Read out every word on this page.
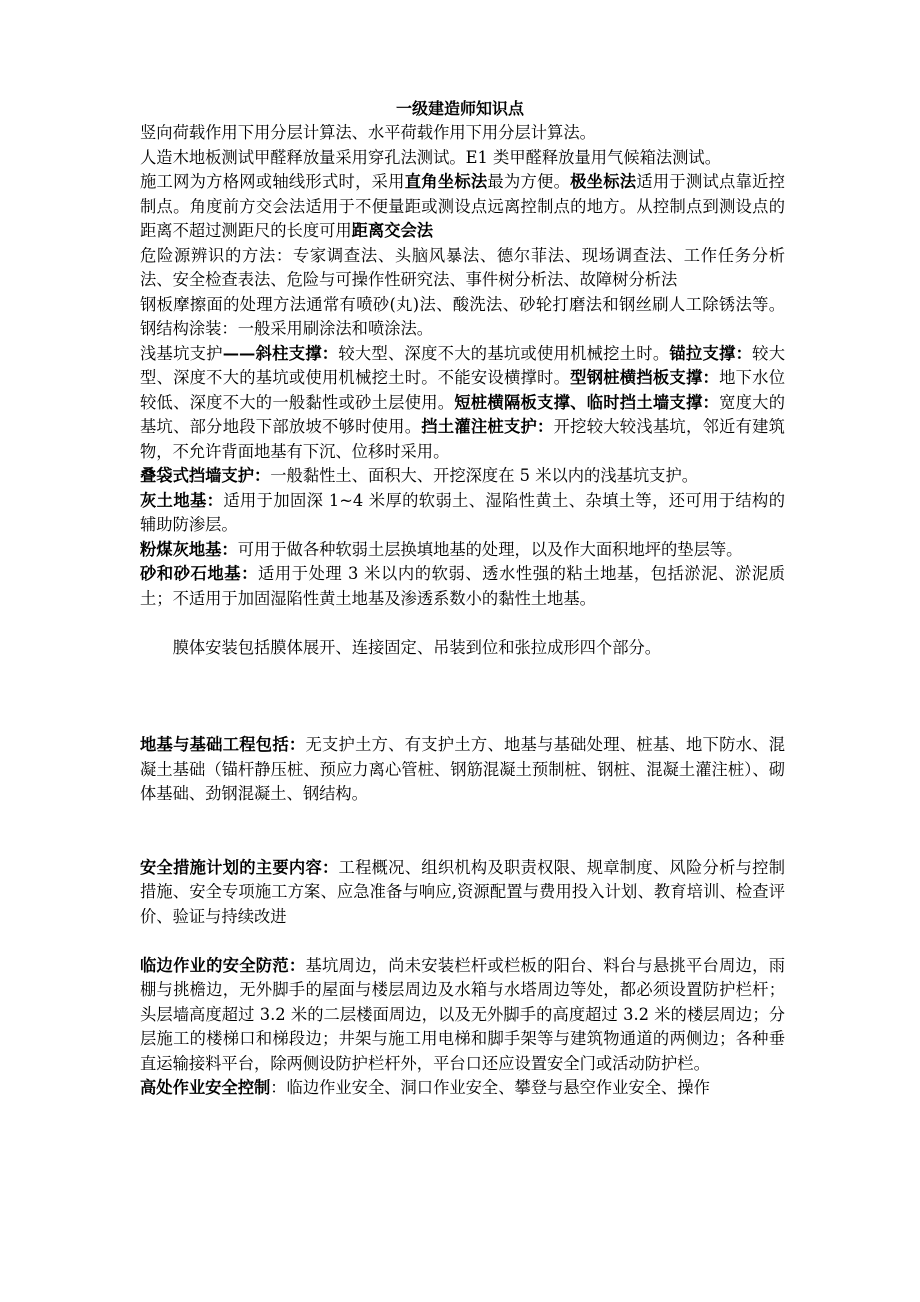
一级建造师知识点

竖向荷载作用下用分层计算法、水平荷载作用下用分层计算法。

人造木地板测试甲醛释放量采用穿孔法测试。E1 类甲醛释放量用气候箱法测试。

施工网为方格网或轴线形式时，采用直角坐标法最为方便。极坐标法适用于测试点靠近控制点。角度前方交会法适用于不便量距或测设点远离控制点的地方。从控制点到测设点的距离不超过测距尺的长度可用距离交会法

危险源辨识的方法：专家调查法、头脑风暴法、德尔菲法、现场调查法、工作任务分析法、安全检查表法、危险与可操作性研究法、事件树分析法、故障树分析法

钢板摩擦面的处理方法通常有喷砂(丸)法、酸洗法、砂轮打磨法和钢丝刷人工除锈法等。钢结构涂装：一般采用刷涂法和喷涂法。

浅基坑支护——斜柱支撑：较大型、深度不大的基坑或使用机械挖土时。锚拉支撑：较大型、深度不大的基坑或使用机械挖土时。不能安设横撑时。型钢桩横挡板支撑：地下水位较低、深度不大的一般黏性或砂土层使用。短桩横隔板支撑、临时挡土墙支撑：宽度大的基坑、部分地段下部放坡不够时使用。挡土灌注桩支护：开挖较大较浅基坑，邻近有建筑物，不允许背面地基有下沉、位移时采用。

叠袋式挡墙支护：一般黏性土、面积大、开挖深度在 5 米以内的浅基坑支护。

灰土地基：适用于加固深 1~4 米厚的软弱土、湿陷性黄土、杂填土等，还可用于结构的辅助防渗层。

粉煤灰地基：可用于做各种软弱土层换填地基的处理，以及作大面积地坪的垫层等。

砂和砂石地基：适用于处理 3 米以内的软弱、透水性强的粘土地基，包括淤泥、淤泥质土；不适用于加固湿陷性黄土地基及渗透系数小的黏性土地基。

膜体安装包括膜体展开、连接固定、吊装到位和张拉成形四个部分。

地基与基础工程包括：无支护土方、有支护土方、地基与基础处理、桩基、地下防水、混凝土基础（锚杆静压桩、预应力离心管桩、钢筋混凝土预制桩、钢桩、混凝土灌注桩）、砌体基础、劲钢混凝土、钢结构。

安全措施计划的主要内容：工程概况、组织机构及职责权限、规章制度、风险分析与控制措施、安全专项施工方案、应急准备与响应,资源配置与费用投入计划、教育培训、检查评价、验证与持续改进

临边作业的安全防范：基坑周边，尚未安装栏杆或栏板的阳台、料台与悬挑平台周边，雨棚与挑檐边，无外脚手的屋面与楼层周边及水箱与水塔周边等处，都必须设置防护栏杆；头层墙高度超过 3.2 米的二层楼面周边，以及无外脚手的高度超过 3.2 米的楼层周边；分层施工的楼梯口和梯段边；井架与施工用电梯和脚手架等与建筑物通道的两侧边；各种垂直运输接料平台，除两侧设防护栏杆外，平台口还应设置安全门或活动防护栏。

高处作业安全控制：临边作业安全、洞口作业安全、攀登与悬空作业安全、操作
